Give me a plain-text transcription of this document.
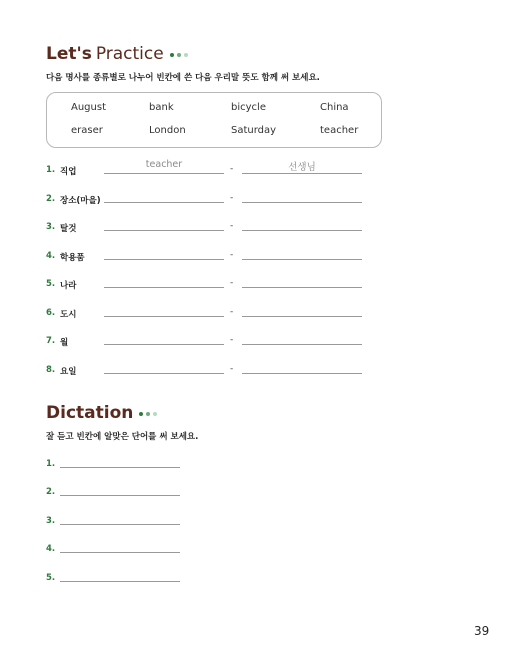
Let's Practice
다음 명사를 종류별로 나누어 빈칸에 쓴 다음 우리말 뜻도 함께 써 보세요.
August	bank	bicycle	China
eraser	London	Saturday	teacher
1. 직업
teacher	-	선생님
2. 장소(마을)	-
3. 탈것	-
4. 학용품	-
5. 나라	-
6. 도시	-
7. 월	-
8. 요일	-
Dictation
잘 듣고 빈칸에 알맞은 단어를 써 보세요.
1.
2.
3.
4.
5.
39
